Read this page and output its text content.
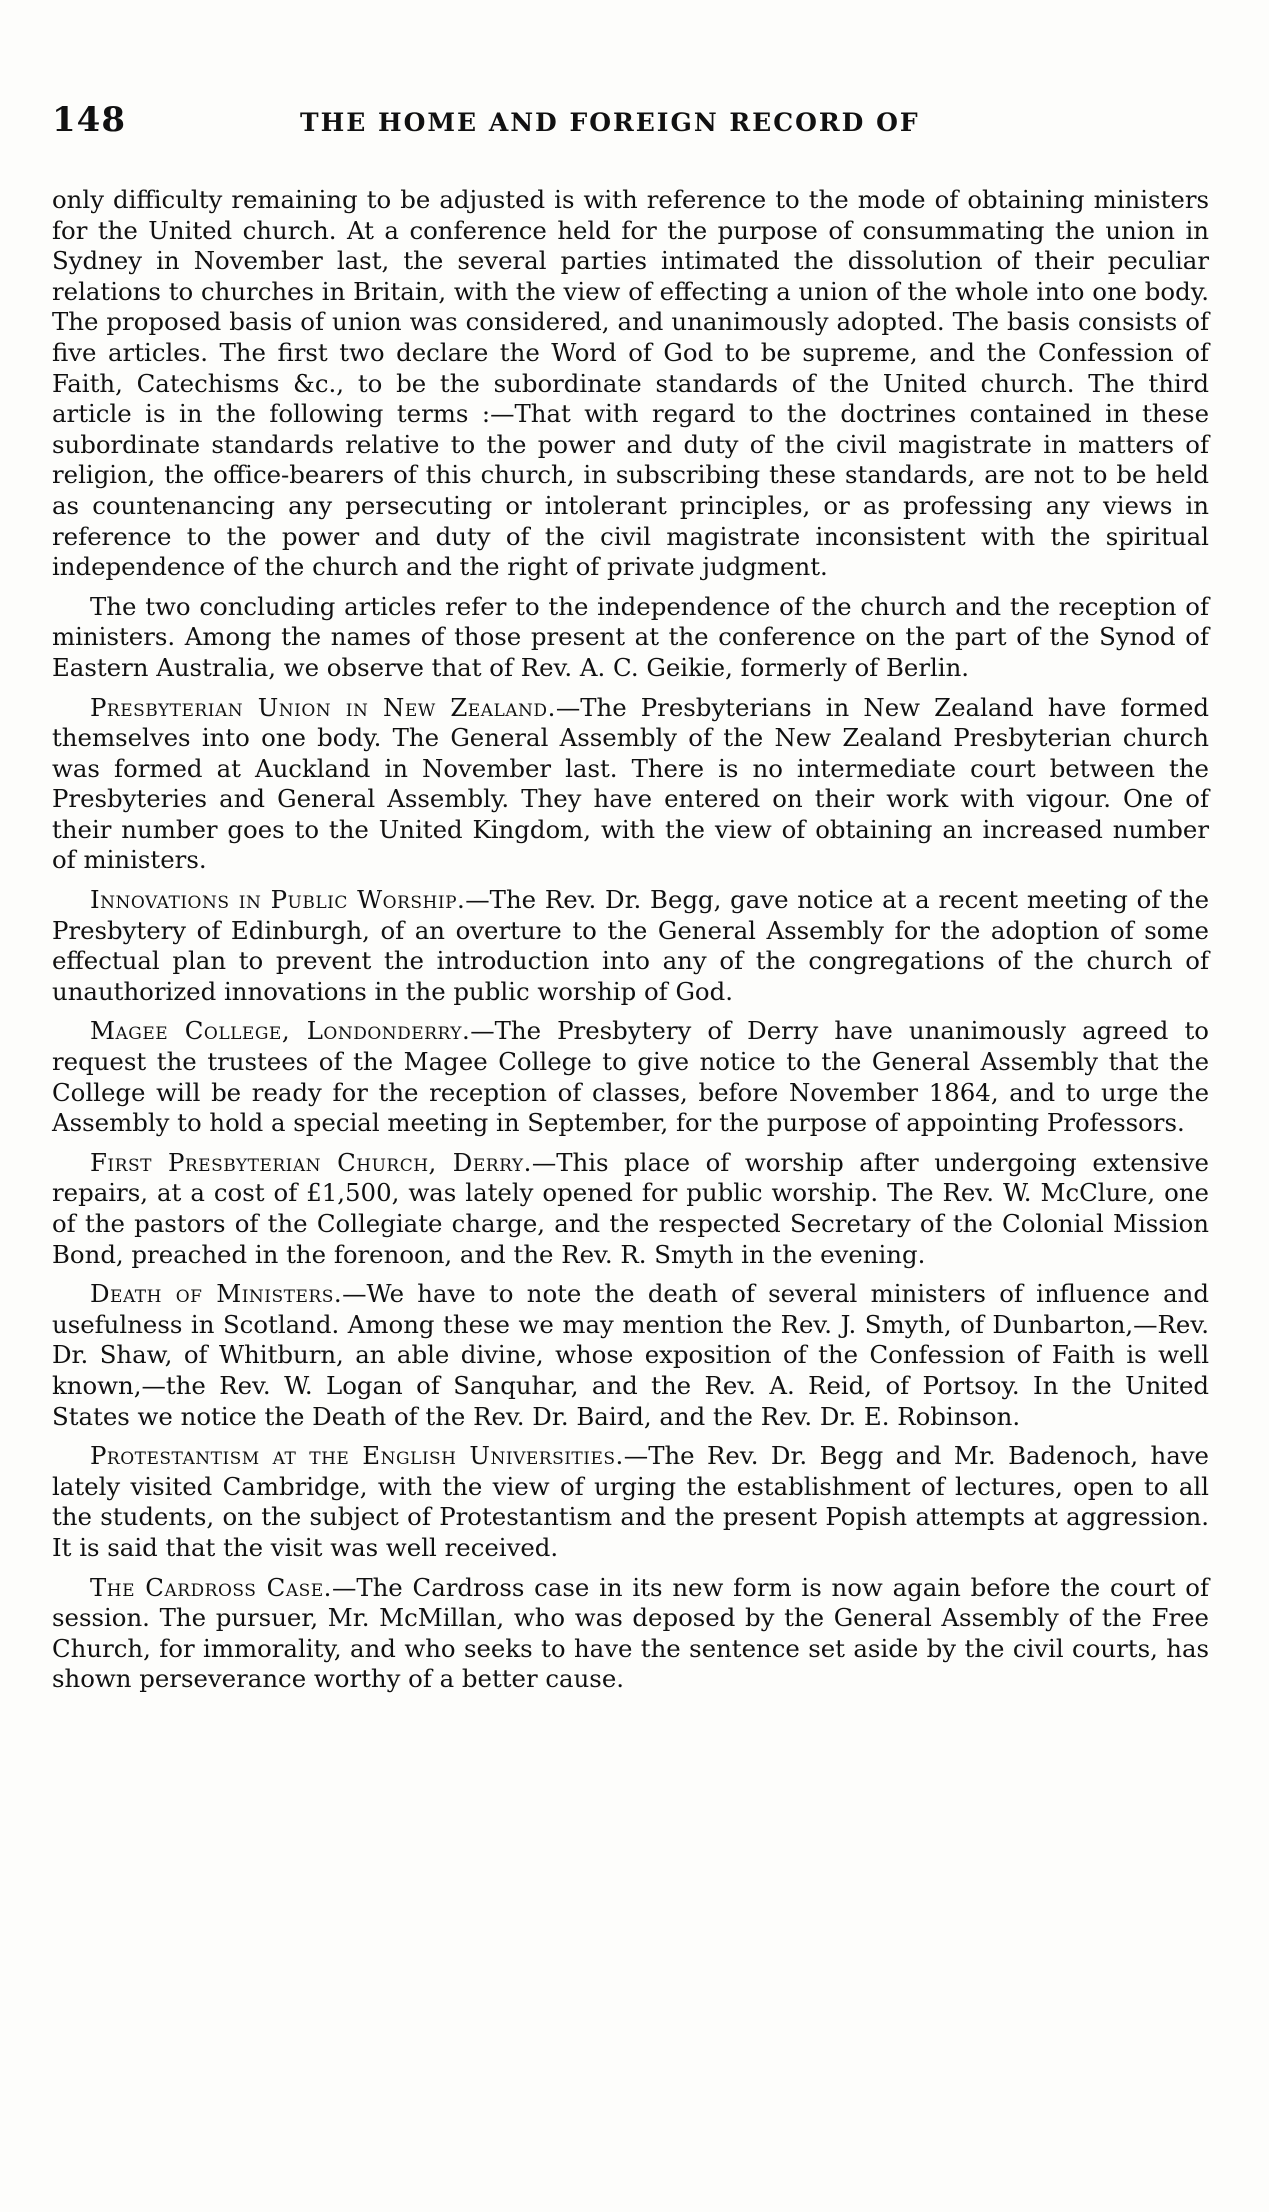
148	THE HOME AND FOREIGN RECORD OF

only difficulty remaining to be adjusted is with reference to the mode of obtaining ministers for the United church. At a conference held for the purpose of consummating the union in Sydney in November last, the several parties intimated the dissolution of their peculiar relations to churches in Britain, with the view of effecting a union of the whole into one body. The proposed basis of union was considered, and unanimously adopted. The basis consists of five articles. The first two declare the Word of God to be supreme, and the Confession of Faith, Catechisms &c., to be the subordinate standards of the United church. The third article is in the following terms :—That with regard to the doctrines contained in these subordinate standards relative to the power and duty of the civil magistrate in matters of religion, the office-bearers of this church, in subscribing these standards, are not to be held as countenancing any persecuting or intolerant principles, or as professing any views in reference to the power and duty of the civil magistrate inconsistent with the spiritual independence of the church and the right of private judgment.

The two concluding articles refer to the independence of the church and the reception of ministers. Among the names of those present at the conference on the part of the Synod of Eastern Australia, we observe that of Rev. A. C. Geikie, formerly of Berlin.

Presbyterian Union in New Zealand.—The Presbyterians in New Zealand have formed themselves into one body. The General Assembly of the New Zealand Presbyterian church was formed at Auckland in November last. There is no intermediate court between the Presbyteries and General Assembly. They have entered on their work with vigour. One of their number goes to the United Kingdom, with the view of obtaining an increased number of ministers.

Innovations in Public Worship.—The Rev. Dr. Begg, gave notice at a recent meeting of the Presbytery of Edinburgh, of an overture to the General Assembly for the adoption of some effectual plan to prevent the introduction into any of the congregations of the church of unauthorized innovations in the public worship of God.

Magee College, Londonderry.—The Presbytery of Derry have unanimously agreed to request the trustees of the Magee College to give notice to the General Assembly that the College will be ready for the reception of classes, before November 1864, and to urge the Assembly to hold a special meeting in September, for the purpose of appointing Professors.

First Presbyterian Church, Derry.—This place of worship after undergoing extensive repairs, at a cost of £1,500, was lately opened for public worship. The Rev. W. McClure, one of the pastors of the Collegiate charge, and the respected Secretary of the Colonial Mission Bond, preached in the forenoon, and the Rev. R. Smyth in the evening.

Death of Ministers.—We have to note the death of several ministers of influence and usefulness in Scotland. Among these we may mention the Rev. J. Smyth, of Dunbarton,—Rev. Dr. Shaw, of Whitburn, an able divine, whose exposition of the Confession of Faith is well known,—the Rev. W. Logan of Sanquhar, and the Rev. A. Reid, of Portsoy. In the United States we notice the Death of the Rev. Dr. Baird, and the Rev. Dr. E. Robinson.

Protestantism at the English Universities.—The Rev. Dr. Begg and Mr. Badenoch, have lately visited Cambridge, with the view of urging the establishment of lectures, open to all the students, on the subject of Protestantism and the present Popish attempts at aggression. It is said that the visit was well received.

The Cardross Case.—The Cardross case in its new form is now again before the court of session. The pursuer, Mr. McMillan, who was deposed by the General Assembly of the Free Church, for immorality, and who seeks to have the sentence set aside by the civil courts, has shown perseverance worthy of a better cause.
